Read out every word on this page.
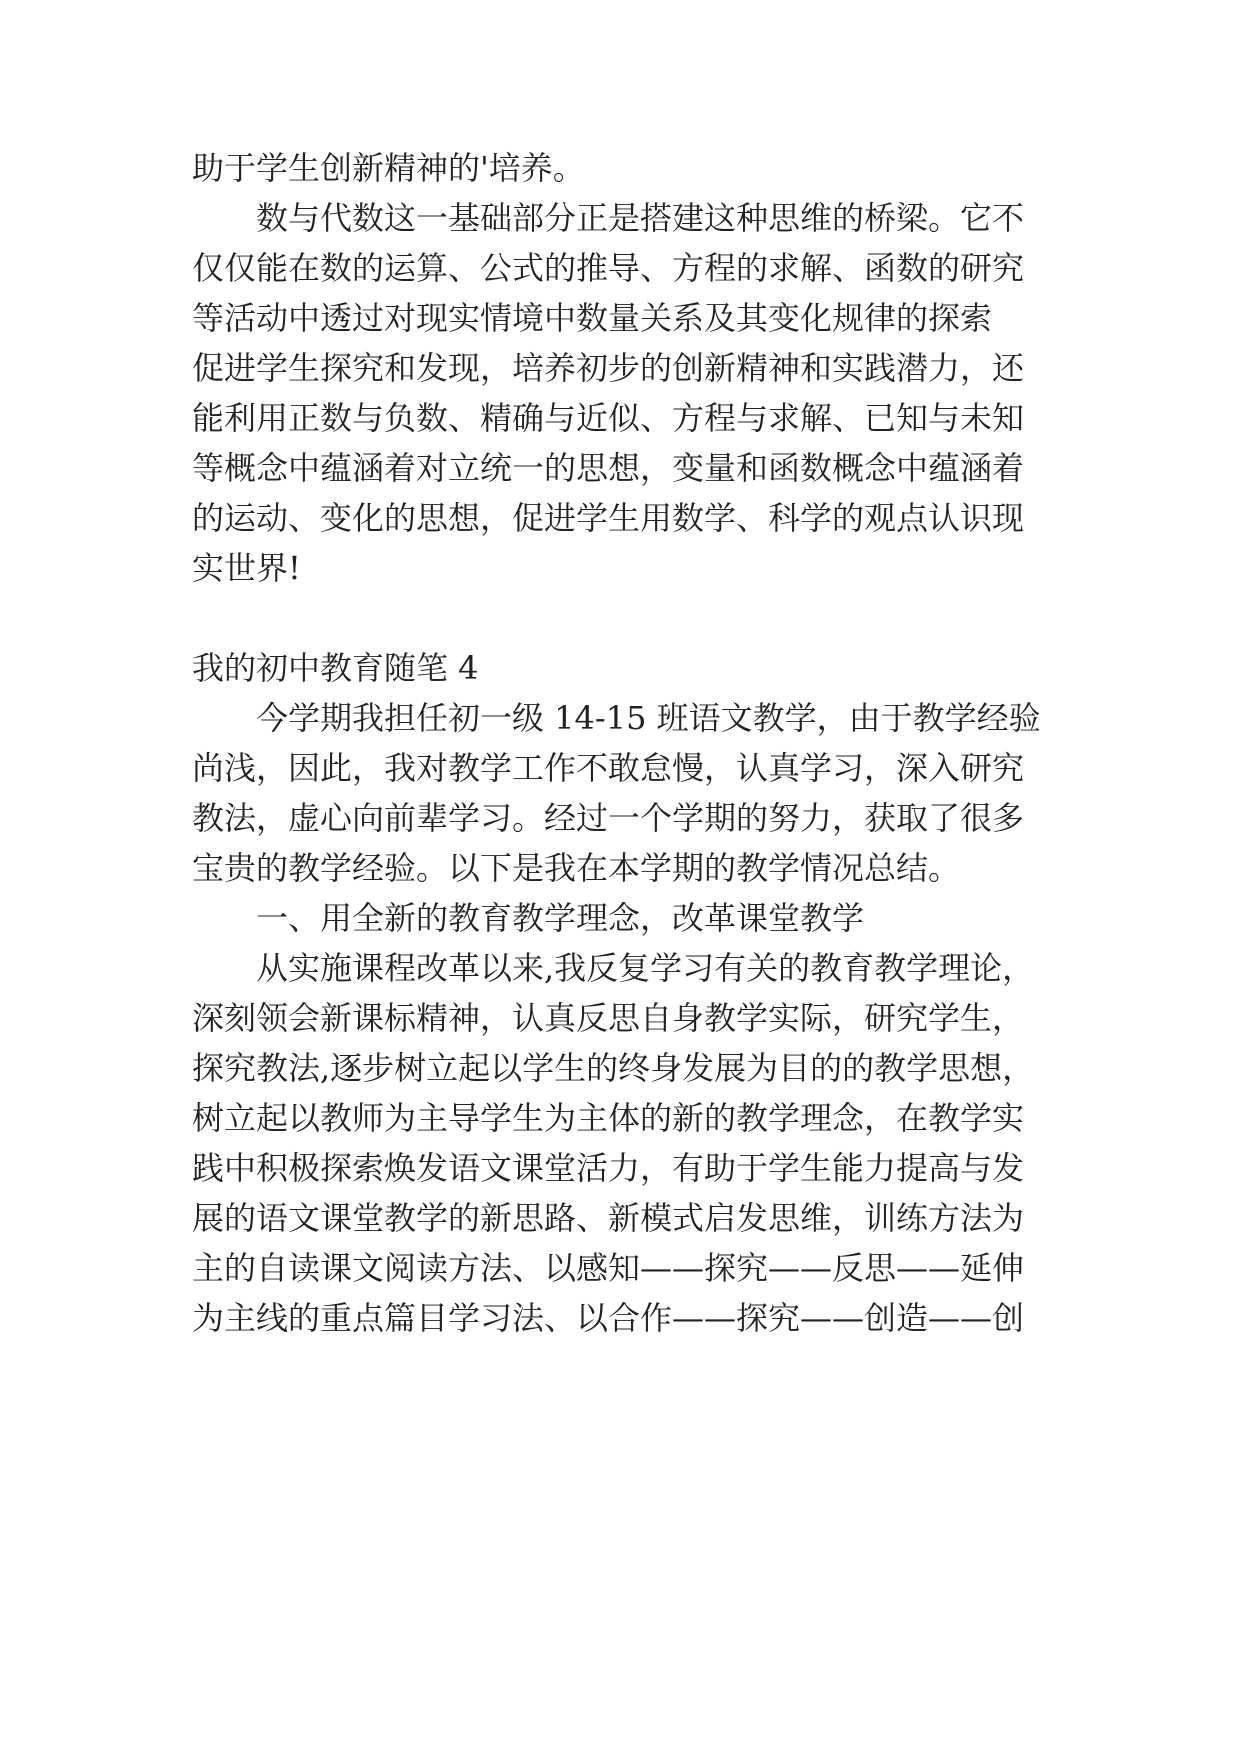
助于学生创新精神的'培养。
数与代数这一基础部分正是搭建这种思维的桥梁。它不
仅仅能在数的运算、公式的推导、方程的求解、函数的研究
等活动中透过对现实情境中数量关系及其变化规律的探索
促进学生探究和发现，培养初步的创新精神和实践潜力，还
能利用正数与负数、精确与近似、方程与求解、已知与未知
等概念中蕴涵着对立统一的思想，变量和函数概念中蕴涵着
的运动、变化的思想，促进学生用数学、科学的观点认识现
实世界!
我的初中教育随笔 4
今学期我担任初一级 14-15 班语文教学，由于教学经验
尚浅，因此，我对教学工作不敢怠慢，认真学习，深入研究
教法，虚心向前辈学习。经过一个学期的努力，获取了很多
宝贵的教学经验。以下是我在本学期的教学情况总结。
一、用全新的教育教学理念，改革课堂教学
从实施课程改革以来,我反复学习有关的教育教学理论，
深刻领会新课标精神，认真反思自身教学实际，研究学生，
探究教法,逐步树立起以学生的终身发展为目的的教学思想，
树立起以教师为主导学生为主体的新的教学理念，在教学实
践中积极探索焕发语文课堂活力，有助于学生能力提高与发
展的语文课堂教学的新思路、新模式启发思维，训练方法为
主的自读课文阅读方法、以感知——探究——反思——延伸
为主线的重点篇目学习法、以合作——探究——创造——创
